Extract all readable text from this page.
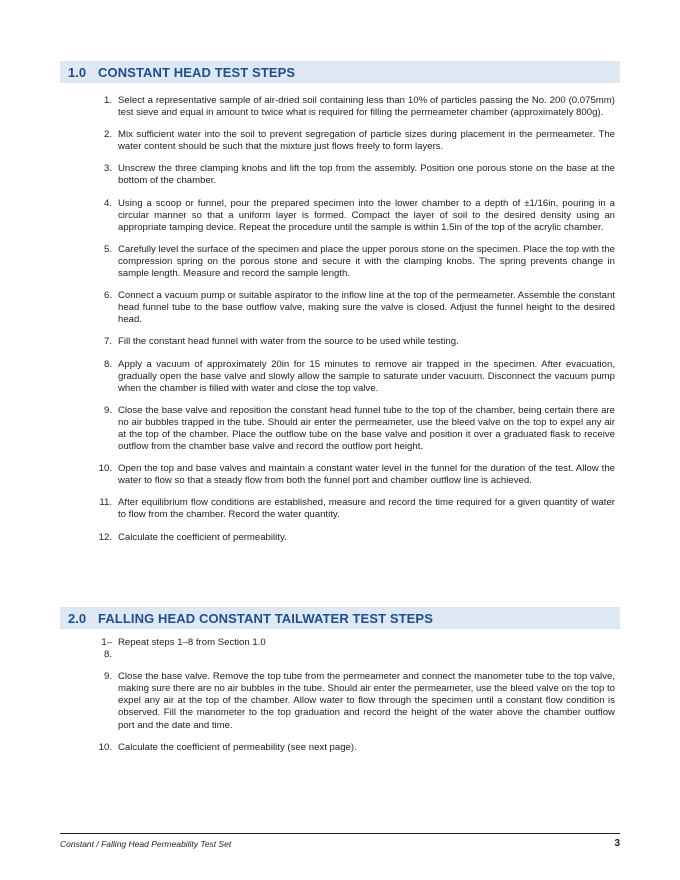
1.0 CONSTANT HEAD TEST STEPS
1. Select a representative sample of air-dried soil containing less than 10% of particles passing the No. 200 (0.075mm) test sieve and equal in amount to twice what is required for filling the permeameter chamber (approximately 800g).
2. Mix sufficient water into the soil to prevent segregation of particle sizes during placement in the permeameter. The water content should be such that the mixture just flows freely to form layers.
3. Unscrew the three clamping knobs and lift the top from the assembly. Position one porous stone on the base at the bottom of the chamber.
4. Using a scoop or funnel, pour the prepared specimen into the lower chamber to a depth of ±1/16in, pouring in a circular manner so that a uniform layer is formed. Compact the layer of soil to the desired density using an appropriate tamping device. Repeat the procedure until the sample is within 1.5in of the top of the acrylic chamber.
5. Carefully level the surface of the specimen and place the upper porous stone on the specimen. Place the top with the compression spring on the porous stone and secure it with the clamping knobs. The spring prevents change in sample length. Measure and record the sample length.
6. Connect a vacuum pump or suitable aspirator to the inflow line at the top of the permeameter. Assemble the constant head funnel tube to the base outflow valve, making sure the valve is closed. Adjust the funnel height to the desired head.
7. Fill the constant head funnel with water from the source to be used while testing.
8. Apply a vacuum of approximately 20in for 15 minutes to remove air trapped in the specimen. After evacuation, gradually open the base valve and slowly allow the sample to saturate under vacuum. Disconnect the vacuum pump when the chamber is filled with water and close the top valve.
9. Close the base valve and reposition the constant head funnel tube to the top of the chamber, being certain there are no air bubbles trapped in the tube. Should air enter the permeameter, use the bleed valve on the top to expel any air at the top of the chamber. Place the outflow tube on the base valve and position it over a graduated flask to receive outflow from the chamber base valve and record the outflow port height.
10. Open the top and base valves and maintain a constant water level in the funnel for the duration of the test. Allow the water to flow so that a steady flow from both the funnel port and chamber outflow line is achieved.
11. After equilibrium flow conditions are established, measure and record the time required for a given quantity of water to flow from the chamber. Record the water quantity.
12. Calculate the coefficient of permeability.
2.0 FALLING HEAD CONSTANT TAILWATER TEST STEPS
1–8.
Repeat steps 1–8 from Section 1.0
9. Close the base valve. Remove the top tube from the permeameter and connect the manometer tube to the top valve, making sure there are no air bubbles in the tube. Should air enter the permeameter, use the bleed valve on the top to expel any air at the top of the chamber. Allow water to flow through the specimen until a constant flow condition is observed. Fill the manometer to the top graduation and record the height of the water above the chamber outflow port and the date and time.
10. Calculate the coefficient of permeability (see next page).
Constant / Falling Head Permeability Test Set	3
